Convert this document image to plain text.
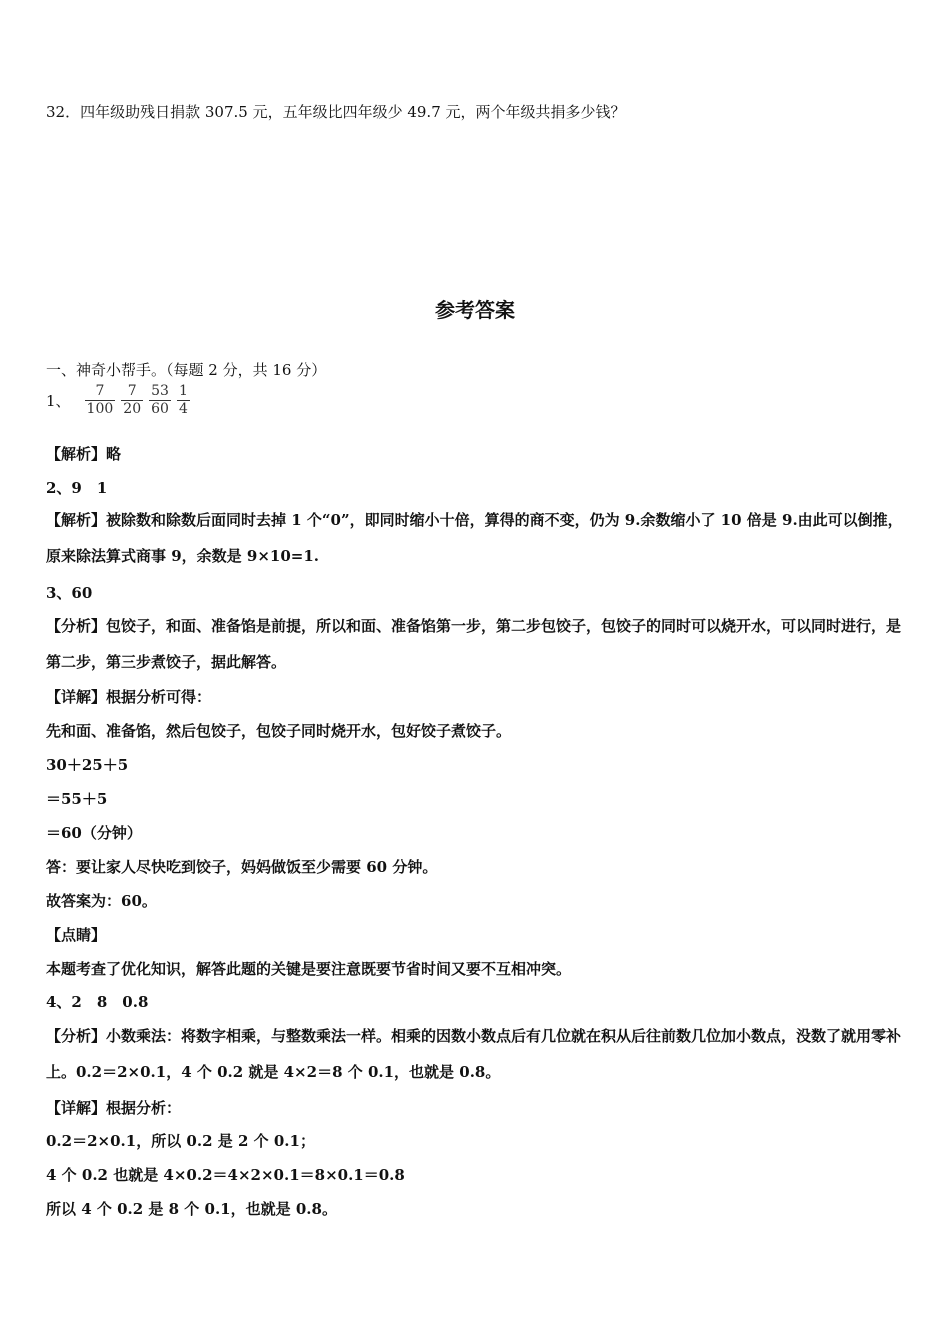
32．四年级助残日捐款 307.5 元，五年级比四年级少 49.7 元，两个年级共捐多少钱？
参考答案
一、神奇小帮手。（每题 2 分，共 16 分）
1、 $\frac{7}{100} \frac{7}{20} \frac{53}{60} \frac{1}{4}$
【解析】略
2、9　1
【解析】被除数和除数后面同时去掉 1 个“0”，即同时缩小十倍，算得的商不变，仍为 9.余数缩小了 10 倍是 9.由此可以倒推，原来除法算式商事 9，余数是 9×10=1.
3、60
【分析】包饺子，和面、准备馅是前提，所以和面、准备馅第一步，第二步包饺子，包饺子的同时可以烧开水，可以同时进行，是第二步，第三步煮饺子，据此解答。
【详解】根据分析可得：
先和面、准备馅，然后包饺子，包饺子同时烧开水，包好饺子煮饺子。
30＋25＋5
＝55＋5
＝60（分钟）
答：要让家人尽快吃到饺子，妈妈做饭至少需要 60 分钟。
故答案为：60。
【点睛】
本题考查了优化知识，解答此题的关键是要注意既要节省时间又要不互相冲突。
4、2　8　0.8
【分析】小数乘法：将数字相乘，与整数乘法一样。相乘的因数小数点后有几位就在积从后往前数几位加小数点，没数了就用零补上。0.2＝2×0.1，4 个 0.2 就是 4×2＝8 个 0.1，也就是 0.8。
【详解】根据分析：
0.2＝2×0.1，所以 0.2 是 2 个 0.1；
4 个 0.2 也就是 4×0.2＝4×2×0.1＝8×0.1＝0.8
所以 4 个 0.2 是 8 个 0.1，也就是 0.8。
